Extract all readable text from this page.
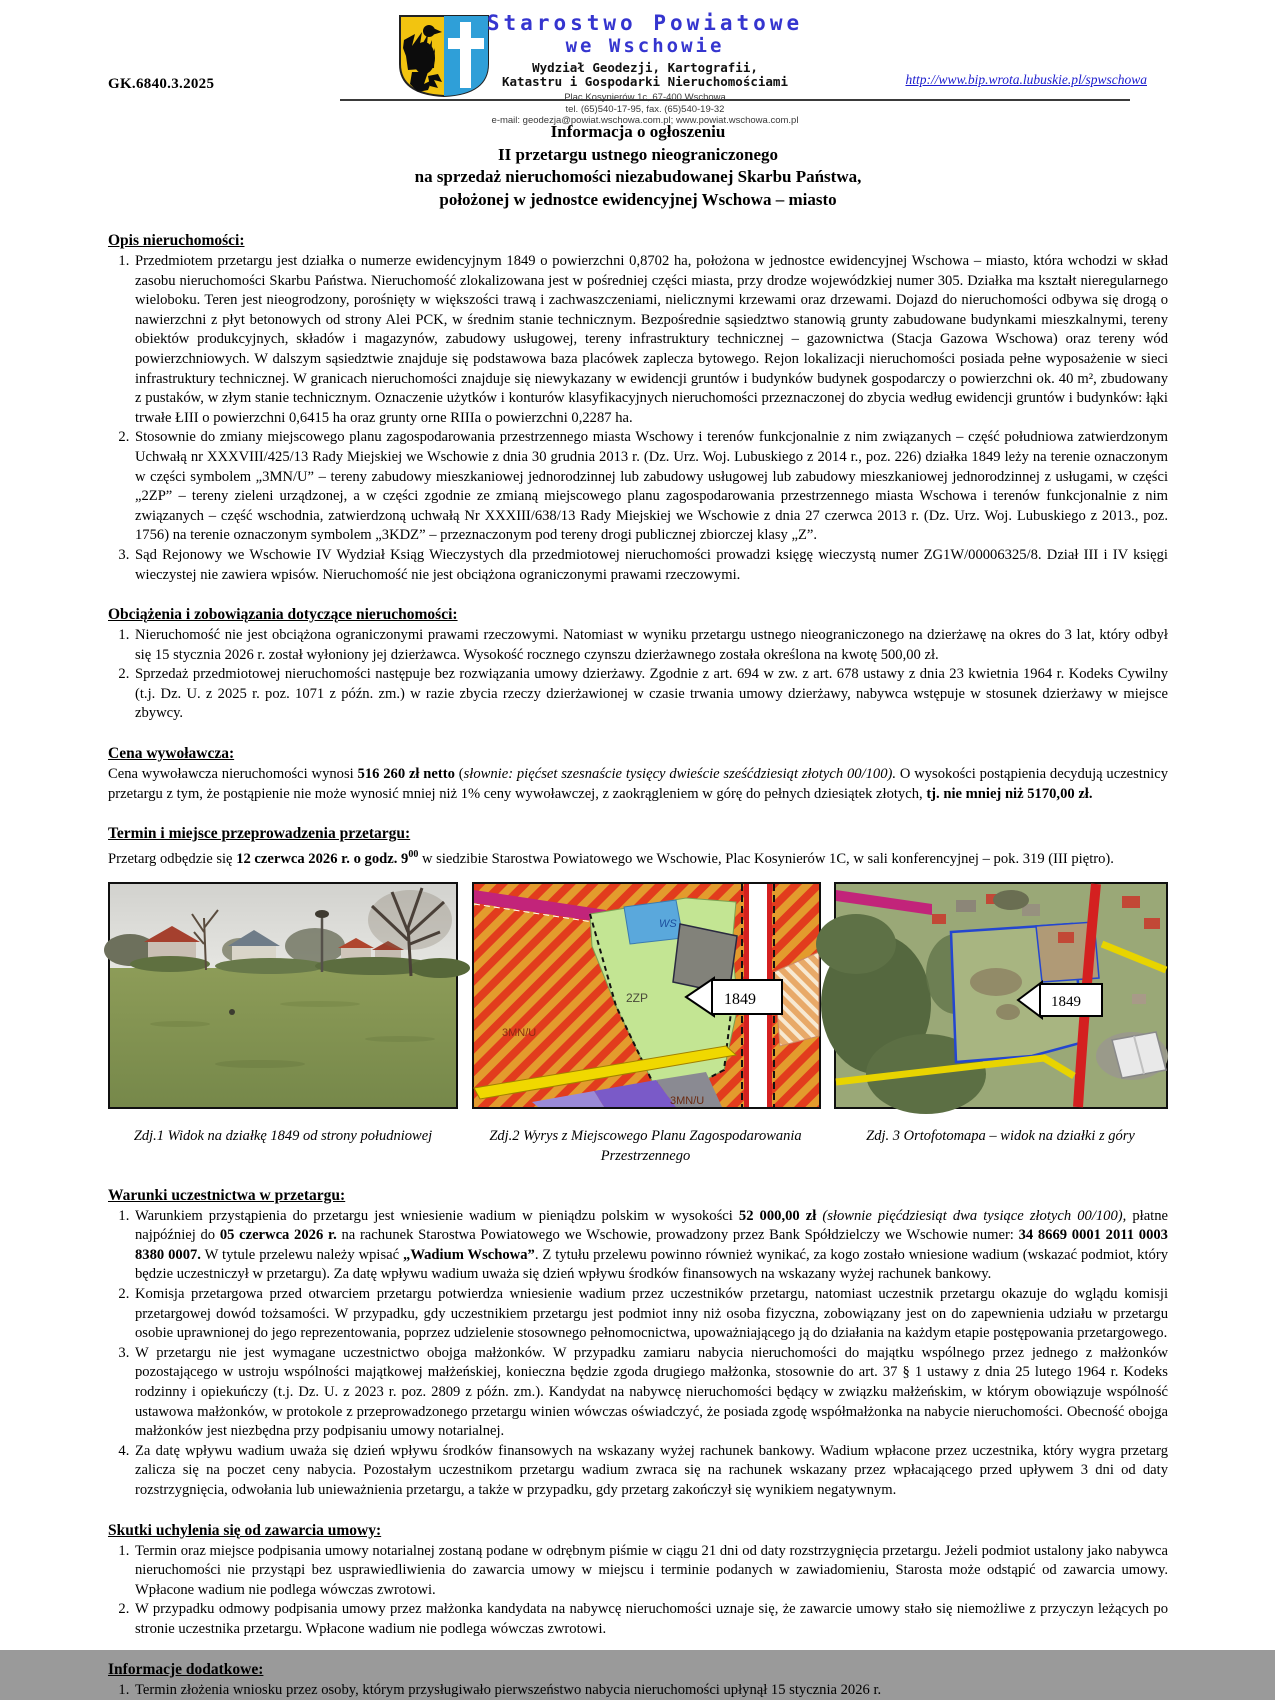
GK.6840.3.2025
Starostwo Powiatowe
we Wschowie
Wydział Geodezji, Kartografii,
Katastru i Gospodarki Nieruchomościami
Plac Kosynierów 1c, 67-400 Wschowa
tel. (65)540-17-95, fax. (65)540-19-32
e-mail: geodezja@powiat.wschowa.com.pl; www.powiat.wschowa.com.pl
http://www.bip.wrota.lubuskie.pl/spwschowa
Informacja o ogłoszeniu
II przetargu ustnego nieograniczonego
na sprzedaż nieruchomości niezabudowanej Skarbu Państwa,
położonej w jednostce ewidencyjnej Wschowa – miasto
Opis nieruchomości:
1. Przedmiotem przetargu jest działka o numerze ewidencyjnym 1849 o powierzchni 0,8702 ha, położona w jednostce ewidencyjnej Wschowa – miasto, która wchodzi w skład zasobu nieruchomości Skarbu Państwa. Nieruchomość zlokalizowana jest w pośredniej części miasta, przy drodze wojewódzkiej numer 305. Działka ma kształt nieregularnego wieloboku. Teren jest nieogrodzony, porośnięty w większości trawą i zachwaszczeniami, nielicznymi krzewami oraz drzewami. Dojazd do nieruchomości odbywa się drogą o nawierzchni z płyt betonowych od strony Alei PCK, w średnim stanie technicznym. Bezpośrednie sąsiedztwo stanowią grunty zabudowane budynkami mieszkalnymi, tereny obiektów produkcyjnych, składów i magazynów, zabudowy usługowej, tereny infrastruktury technicznej – gazownictwa (Stacja Gazowa Wschowa) oraz tereny wód powierzchniowych. W dalszym sąsiedztwie znajduje się podstawowa baza placówek zaplecza bytowego. Rejon lokalizacji nieruchomości posiada pełne wyposażenie w sieci infrastruktury technicznej. W granicach nieruchomości znajduje się niewykazany w ewidencji gruntów i budynków budynek gospodarczy o powierzchni ok. 40 m², zbudowany z pustaków, w złym stanie technicznym. Oznaczenie użytków i konturów klasyfikacyjnych nieruchomości przeznaczonej do zbycia według ewidencji gruntów i budynków: łąki trwałe ŁIII o powierzchni 0,6415 ha oraz grunty orne RIIIa o powierzchni 0,2287 ha.
2. Stosownie do zmiany miejscowego planu zagospodarowania przestrzennego miasta Wschowy i terenów funkcjonalnie z nim związanych – część południowa zatwierdzonym Uchwałą nr XXXVIII/425/13 Rady Miejskiej we Wschowie z dnia 30 grudnia 2013 r. (Dz. Urz. Woj. Lubuskiego z 2014 r., poz. 226) działka 1849 leży na terenie oznaczonym w części symbolem „3MN/U” – tereny zabudowy mieszkaniowej jednorodzinnej lub zabudowy usługowej lub zabudowy mieszkaniowej jednorodzinnej z usługami, w części „2ZP” – tereny zieleni urządzonej, a w części zgodnie ze zmianą miejscowego planu zagospodarowania przestrzennego miasta Wschowa i terenów funkcjonalnie z nim związanych – część wschodnia, zatwierdzoną uchwałą Nr XXXIII/638/13 Rady Miejskiej we Wschowie z dnia 27 czerwca 2013 r. (Dz. Urz. Woj. Lubuskiego z 2013., poz. 1756) na terenie oznaczonym symbolem „3KDZ” – przeznaczonym pod tereny drogi publicznej zbiorczej klasy „Z”.
3. Sąd Rejonowy we Wschowie IV Wydział Ksiąg Wieczystych dla przedmiotowej nieruchomości prowadzi księgę wieczystą numer ZG1W/00006325/8. Dział III i IV księgi wieczystej nie zawiera wpisów. Nieruchomość nie jest obciążona ograniczonymi prawami rzeczowymi.
Obciążenia i zobowiązania dotyczące nieruchomości:
1. Nieruchomość nie jest obciążona ograniczonymi prawami rzeczowymi. Natomiast w wyniku przetargu ustnego nieograniczonego na dzierżawę na okres do 3 lat, który odbył się 15 stycznia 2026 r. został wyłoniony jej dzierżawca. Wysokość rocznego czynszu dzierżawnego została określona na kwotę 500,00 zł.
2. Sprzedaż przedmiotowej nieruchomości następuje bez rozwiązania umowy dzierżawy. Zgodnie z art. 694 w zw. z art. 678 ustawy z dnia 23 kwietnia 1964 r. Kodeks Cywilny (t.j. Dz. U. z 2025 r. poz. 1071 z późn. zm.) w razie zbycia rzeczy dzierżawionej w czasie trwania umowy dzierżawy, nabywca wstępuje w stosunek dzierżawy w miejsce zbywcy.
Cena wywoławcza:

Cena wywoławcza nieruchomości wynosi 516 260 zł netto (słownie: pięćset szesnaście tysięcy dwieście sześćdziesiąt złotych 00/100). O wysokości postąpienia decydują uczestnicy przetargu z tym, że postąpienie nie może wynosić mniej niż 1% ceny wywoławczej, z zaokrągleniem w górę do pełnych dziesiątek złotych, tj. nie mniej niż 5170,00 zł.

Termin i miejsce przeprowadzenia przetargu:

Przetarg odbędzie się 12 czerwca 2026 r. o godz. $9^{00}$ w siedzibie Starostwa Powiatowego we Wschowie, Plac Kosynierów 1C, w sali konferencyjnej – pok. 319 (III piętro).

WS
2ZP
3MN/U
3MN/U
1849	1849
Zdj.1 Widok na działkę 1849 od strony południowej	Zdj.2 Wyrys z Miejscowego Planu Zagospodarowania Przestrzennego
Zdj. 3 Ortofotomapa – widok na działki z góry
Warunki uczestnictwa w przetargu:
1. Warunkiem przystąpienia do przetargu jest wniesienie wadium w pieniądzu polskim w wysokości 52 000,00 zł (słownie pięćdziesiąt dwa tysiące złotych 00/100), płatne najpóźniej do 05 czerwca 2026 r. na rachunek Starostwa Powiatowego we Wschowie, prowadzony przez Bank Spółdzielczy we Wschowie numer: 34 8669 0001 2011 0003 8380 0007. W tytule przelewu należy wpisać „Wadium Wschowa”. Z tytułu przelewu powinno również wynikać, za kogo zostało wniesione wadium (wskazać podmiot, który będzie uczestniczył w przetargu). Za datę wpływu wadium uważa się dzień wpływu środków finansowych na wskazany wyżej rachunek bankowy.
2. Komisja przetargowa przed otwarciem przetargu potwierdza wniesienie wadium przez uczestników przetargu, natomiast uczestnik przetargu okazuje do wglądu komisji przetargowej dowód tożsamości. W przypadku, gdy uczestnikiem przetargu jest podmiot inny niż osoba fizyczna, zobowiązany jest on do zapewnienia udziału w przetargu osobie uprawnionej do jego reprezentowania, poprzez udzielenie stosownego pełnomocnictwa, upoważniającego ją do działania na każdym etapie postępowania przetargowego.
3. W przetargu nie jest wymagane uczestnictwo obojga małżonków. W przypadku zamiaru nabycia nieruchomości do majątku wspólnego przez jednego z małżonków pozostającego w ustroju wspólności majątkowej małżeńskiej, konieczna będzie zgoda drugiego małżonka, stosownie do art. 37 § 1 ustawy z dnia 25 lutego 1964 r. Kodeks rodzinny i opiekuńczy (t.j. Dz. U. z 2023 r. poz. 2809 z późn. zm.). Kandydat na nabywcę nieruchomości będący w związku małżeńskim, w którym obowiązuje wspólność ustawowa małżonków, w protokole z przeprowadzonego przetargu winien wówczas oświadczyć, że posiada zgodę współmałżonka na nabycie nieruchomości. Obecność obojga małżonków jest niezbędna przy podpisaniu umowy notarialnej.
4. Za datę wpływu wadium uważa się dzień wpływu środków finansowych na wskazany wyżej rachunek bankowy. Wadium wpłacone przez uczestnika, który wygra przetarg zalicza się na poczet ceny nabycia. Pozostałym uczestnikom przetargu wadium zwraca się na rachunek wskazany przez wpłacającego przed upływem 3 dni od daty rozstrzygnięcia, odwołania lub unieważnienia przetargu, a także w przypadku, gdy przetarg zakończył się wynikiem negatywnym.
Skutki uchylenia się od zawarcia umowy:
1. Termin oraz miejsce podpisania umowy notarialnej zostaną podane w odrębnym piśmie w ciągu 21 dni od daty rozstrzygnięcia przetargu. Jeżeli podmiot ustalony jako nabywca nieruchomości nie przystąpi bez usprawiedliwienia do zawarcia umowy w miejscu i terminie podanych w zawiadomieniu, Starosta może odstąpić od zawarcia umowy. Wpłacone wadium nie podlega wówczas zwrotowi.
2. W przypadku odmowy podpisania umowy przez małżonka kandydata na nabywcę nieruchomości uznaje się, że zawarcie umowy stało się niemożliwe z przyczyn leżących po stronie uczestnika przetargu. Wpłacone wadium nie podlega wówczas zwrotowi.
Informacje dodatkowe:
1. Termin złożenia wniosku przez osoby, którym przysługiwało pierwszeństwo nabycia nieruchomości upłynął 15 stycznia 2026 r.
